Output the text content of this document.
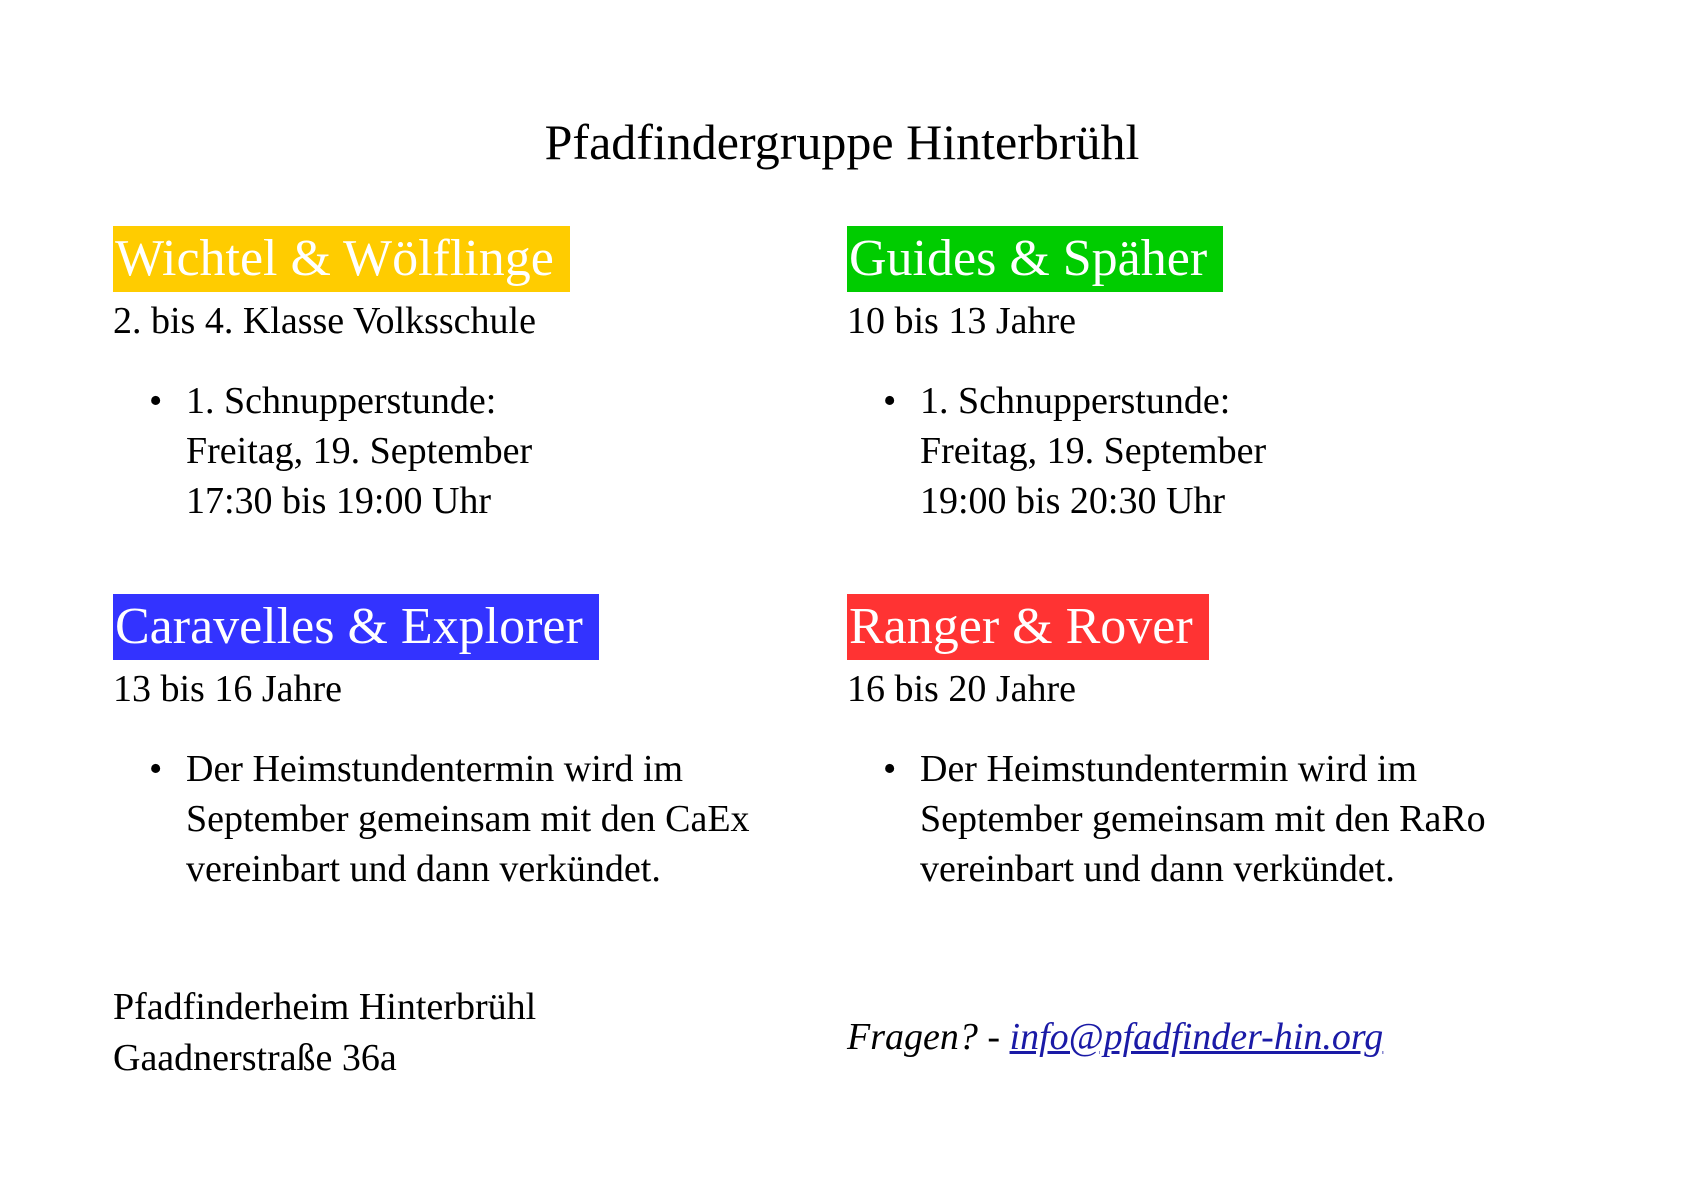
Pfadfindergruppe Hinterbrühl
Wichtel & Wölflinge
2. bis 4. Klasse Volksschule
• 1. Schnupperstunde:
Freitag, 19. September
17:30 bis 19:00 Uhr
Guides & Späher
10 bis 13 Jahre
• 1. Schnupperstunde:
Freitag, 19. September
19:00 bis 20:30 Uhr
Caravelles & Explorer
13 bis 16 Jahre
• Der Heimstundentermin wird im
September gemeinsam mit den CaEx
vereinbart und dann verkündet.
Ranger & Rover
16 bis 20 Jahre
• Der Heimstundentermin wird im
September gemeinsam mit den RaRo
vereinbart und dann verkündet.
Pfadfinderheim Hinterbrühl
Gaadnerstraße 36a	Fragen? - info@pfadfinder-hin.org
